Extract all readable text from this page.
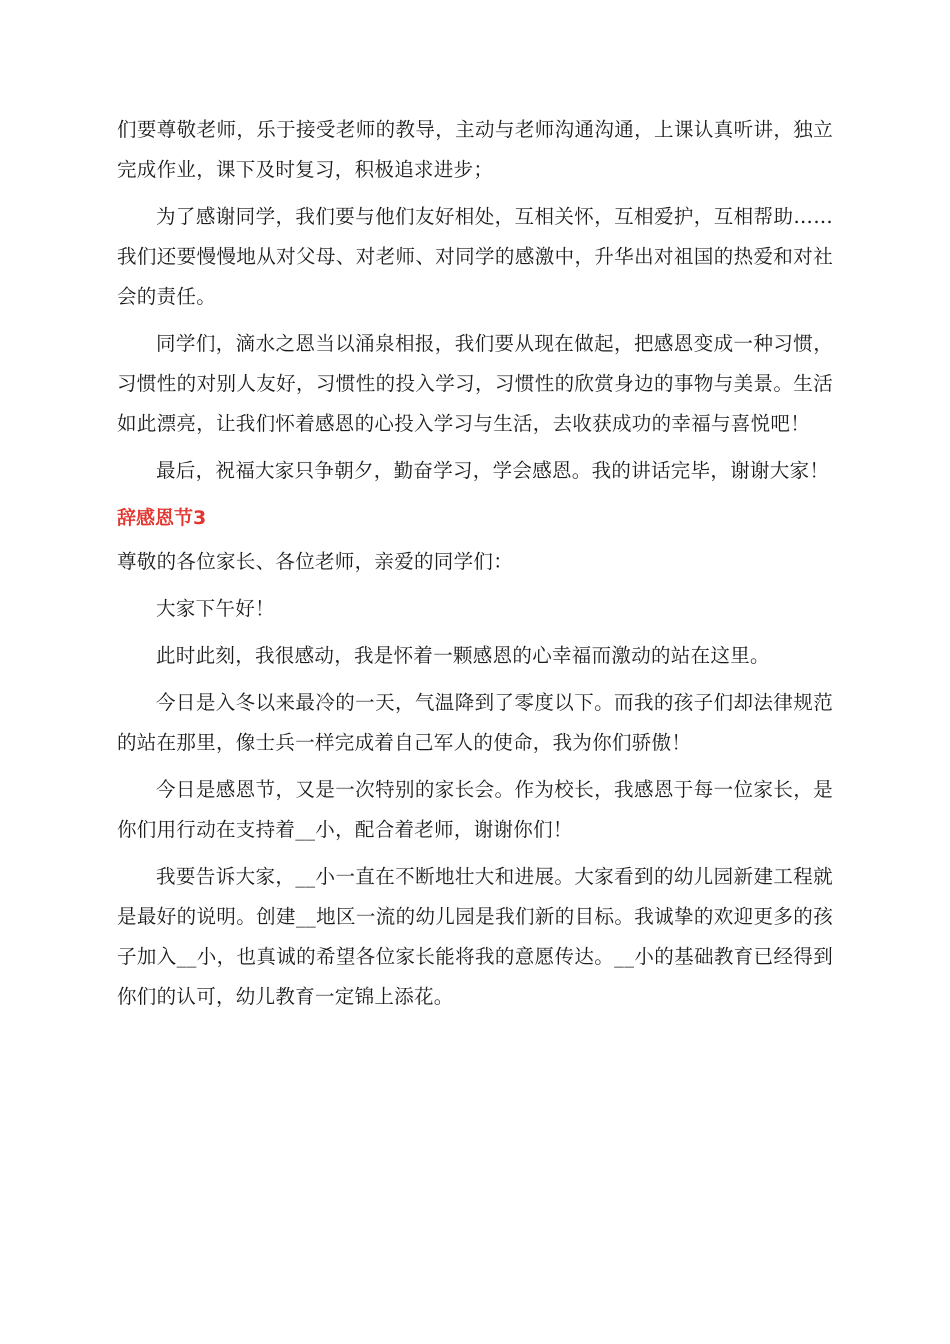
们要尊敬老师，乐于接受老师的教导，主动与老师沟通沟通，上课认真听讲，独立完成作业，课下及时复习，积极追求进步；

为了感谢同学，我们要与他们友好相处，互相关怀，互相爱护，互相帮助……我们还要慢慢地从对父母、对老师、对同学的感激中，升华出对祖国的热爱和对社会的责任。

同学们，滴水之恩当以涌泉相报，我们要从现在做起，把感恩变成一种习惯，习惯性的对别人友好，习惯性的投入学习，习惯性的欣赏身边的事物与美景。生活如此漂亮，让我们怀着感恩的心投入学习与生活，去收获成功的幸福与喜悦吧！

最后，祝福大家只争朝夕，勤奋学习，学会感恩。我的讲话完毕，谢谢大家！

辞感恩节3

尊敬的各位家长、各位老师，亲爱的同学们：

大家下午好！

此时此刻，我很感动，我是怀着一颗感恩的心幸福而激动的站在这里。

今日是入冬以来最冷的一天，气温降到了零度以下。而我的孩子们却法律规范的站在那里，像士兵一样完成着自己军人的使命，我为你们骄傲！

今日是感恩节，又是一次特别的家长会。作为校长，我感恩于每一位家长，是你们用行动在支持着__小，配合着老师，谢谢你们！

我要告诉大家，__小一直在不断地壮大和进展。大家看到的幼儿园新建工程就是最好的说明。创建__地区一流的幼儿园是我们新的目标。我诚挚的欢迎更多的孩子加入__小，也真诚的希望各位家长能将我的意愿传达。__小的基础教育已经得到你们的认可，幼儿教育一定锦上添花。
